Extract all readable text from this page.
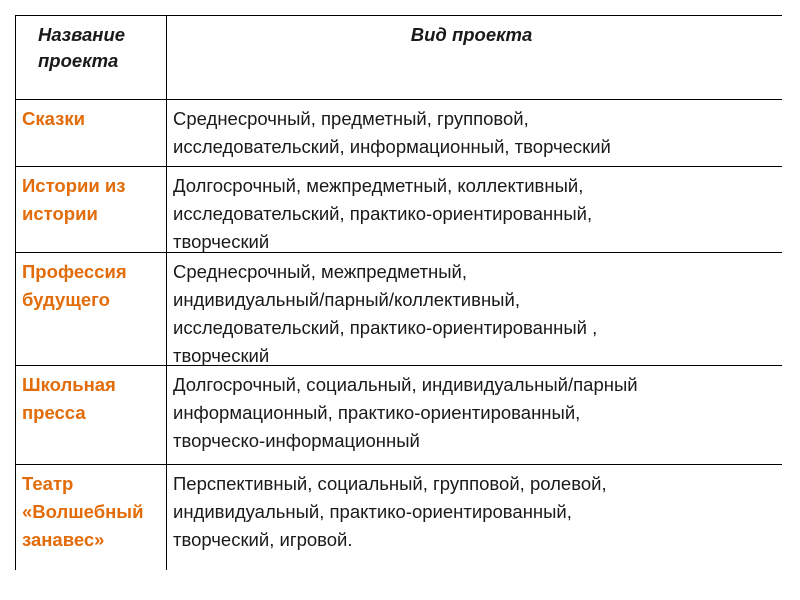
Название проекта
Вид проекта
Сказки	Среднесрочный, предметный, групповой,
исследовательский, информационный, творческий
Истории из истории
Долгосрочный, межпредметный, коллективный,
исследовательский, практико-ориентированный,
творческий
Профессия будущего
Среднесрочный, межпредметный,
индивидуальный/парный/коллективный,
исследовательский, практико-ориентированный ,
творческий
Школьная пресса
Долгосрочный, социальный, индивидуальный/парный
информационный, практико-ориентированный,
творческо-информационный
Театр «Волшебный занавес»
Перспективный, социальный, групповой, ролевой,
индивидуальный, практико-ориентированный,
творческий, игровой.
